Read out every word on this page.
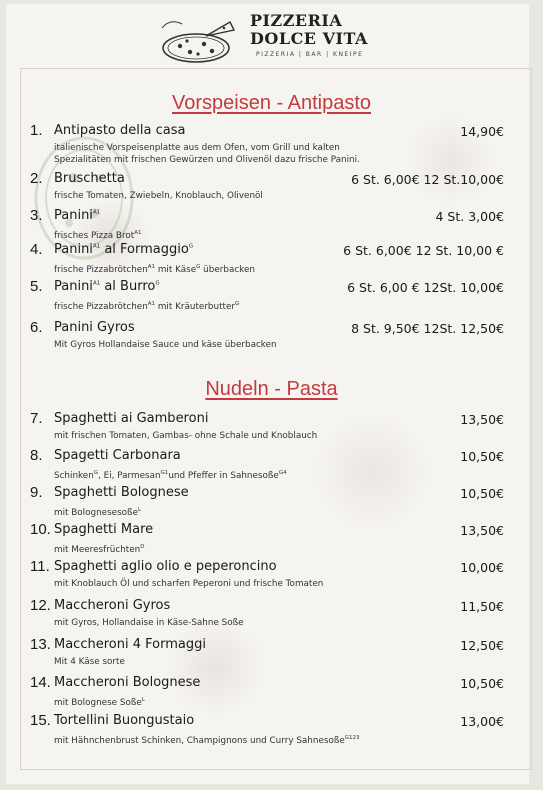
PIZZERIA
DOLCE VITA
PIZZERIA | BAR | KNEIPE
Vorspeisen - Antipasto
1. Antipasto della casa	14,90€
italienische Vorspeisenplatte aus dem Ofen, vom Grill und kalten
Spezialitäten mit frischen Gewürzen und Olivenöl dazu frische Panini.
2. Bruschetta	6 St. 6,00€ 12 St.10,00€
frische Tomaten, Zwiebeln, Knoblauch, Olivenöl
3. Panini$^{A1}$	4 St. 3,00€
frisches Pizza Brot$^{A1}$
4. Panini$^{A1}$ al Formaggio$^G$	6 St. 6,00€ 12 St. 10,00 €
frische Pizzabrötchen$^{A1}$ mit Käse$^G$ überbacken
5. Panini$^{A1}$ al Burro$^G$	6 St. 6,00 € 12St. 10,00€
frische Pizzabrötchen$^{A1}$ mit Kräuterbutter$^G$
6. Panini Gyros	8 St. 9,50€ 12St. 12,50€
Mit Gyros Hollandaise Sauce und käse überbacken
Nudeln - Pasta
7. Spaghetti ai Gamberoni	13,50€
mit frischen Tomaten, Gambas- ohne Schale und Knoblauch
8. Spagetti Carbonara	10,50€
Schinken$^G$, Ei, Parmesan$^{G1}$und Pfeffer in Sahnesoße$^{G4}$
9. Spaghetti Bolognese	10,50€
mit Bolognesesoße$^L$
10. Spaghetti Mare	13,50€
mit Meeresfrüchten$^D$
11. Spaghetti aglio olio e peperoncino	10,00€
mit Knoblauch Öl und scharfen Peperoni und frische Tomaten
12. Maccheroni Gyros	11,50€
mit Gyros, Hollandaise in Käse-Sahne Soße
13. Maccheroni 4 Formaggi	12,50€
Mit 4 Käse sorte
14. Maccheroni Bolognese	10,50€
mit Bolognese Soße$^L$
15. Tortellini Buongustaio	13,00€
mit Hähnchenbrust Schinken, Champignons und Curry Sahnesoße$^{G123}$
